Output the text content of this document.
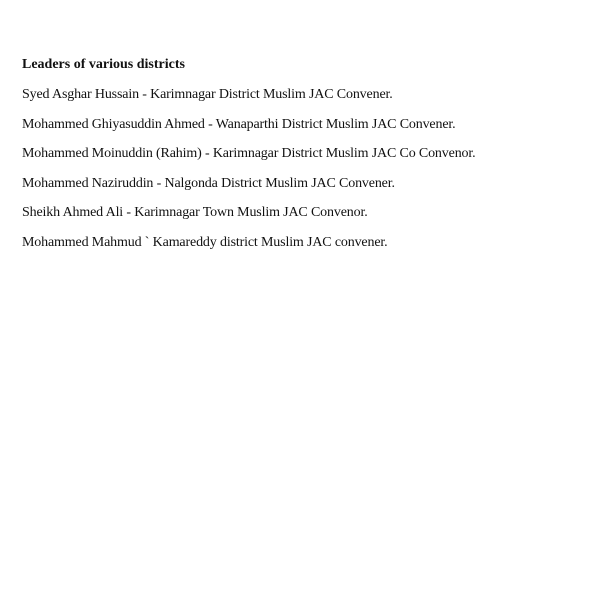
Leaders of various districts
Syed Asghar Hussain - Karimnagar District Muslim JAC Convener.
Mohammed Ghiyasuddin Ahmed - Wanaparthi District Muslim JAC Convener.
Mohammed Moinuddin (Rahim) - Karimnagar District Muslim JAC Co Convenor.
Mohammed Naziruddin - Nalgonda District Muslim JAC Convener.
Sheikh Ahmed Ali - Karimnagar Town Muslim JAC Convenor.
Mohammed Mahmud ` Kamareddy district Muslim JAC convener.
